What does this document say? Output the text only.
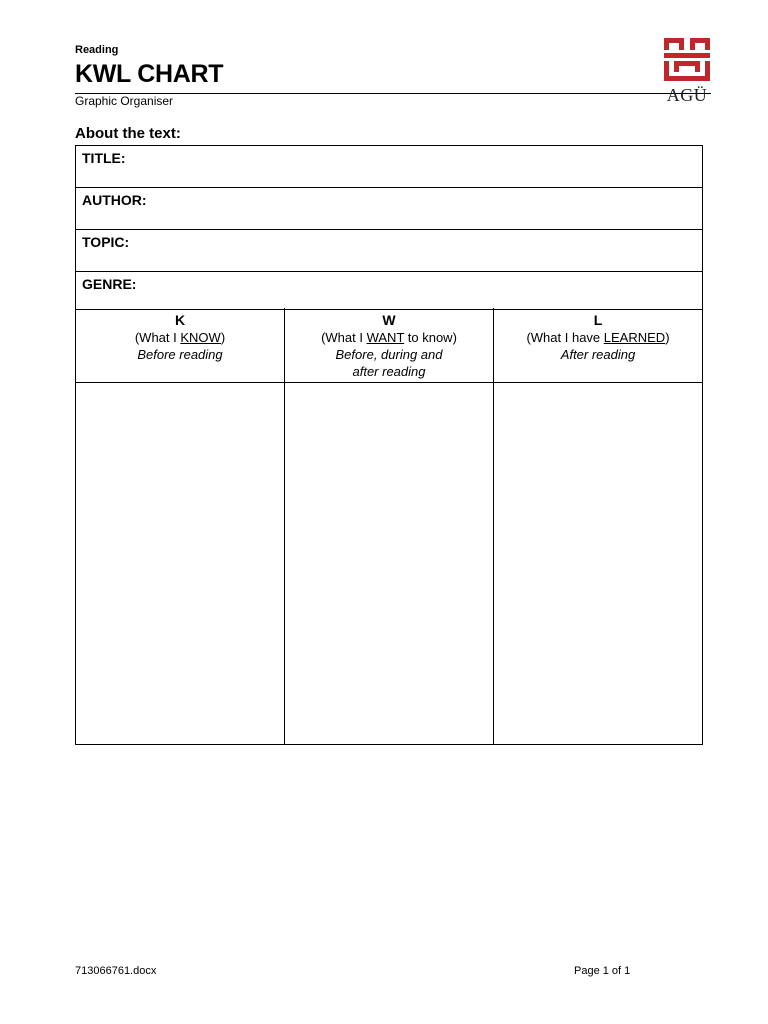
Reading
KWL CHART
Graphic Organiser	AGÜ
About the text:
TITLE:
AUTHOR:
TOPIC:
GENRE:
K
(What I KNOW)
Before reading
W
(What I WANT to know)
Before, during and
after reading
L
(What I have LEARNED)
After reading
713066761.docx	Page 1 of 1
